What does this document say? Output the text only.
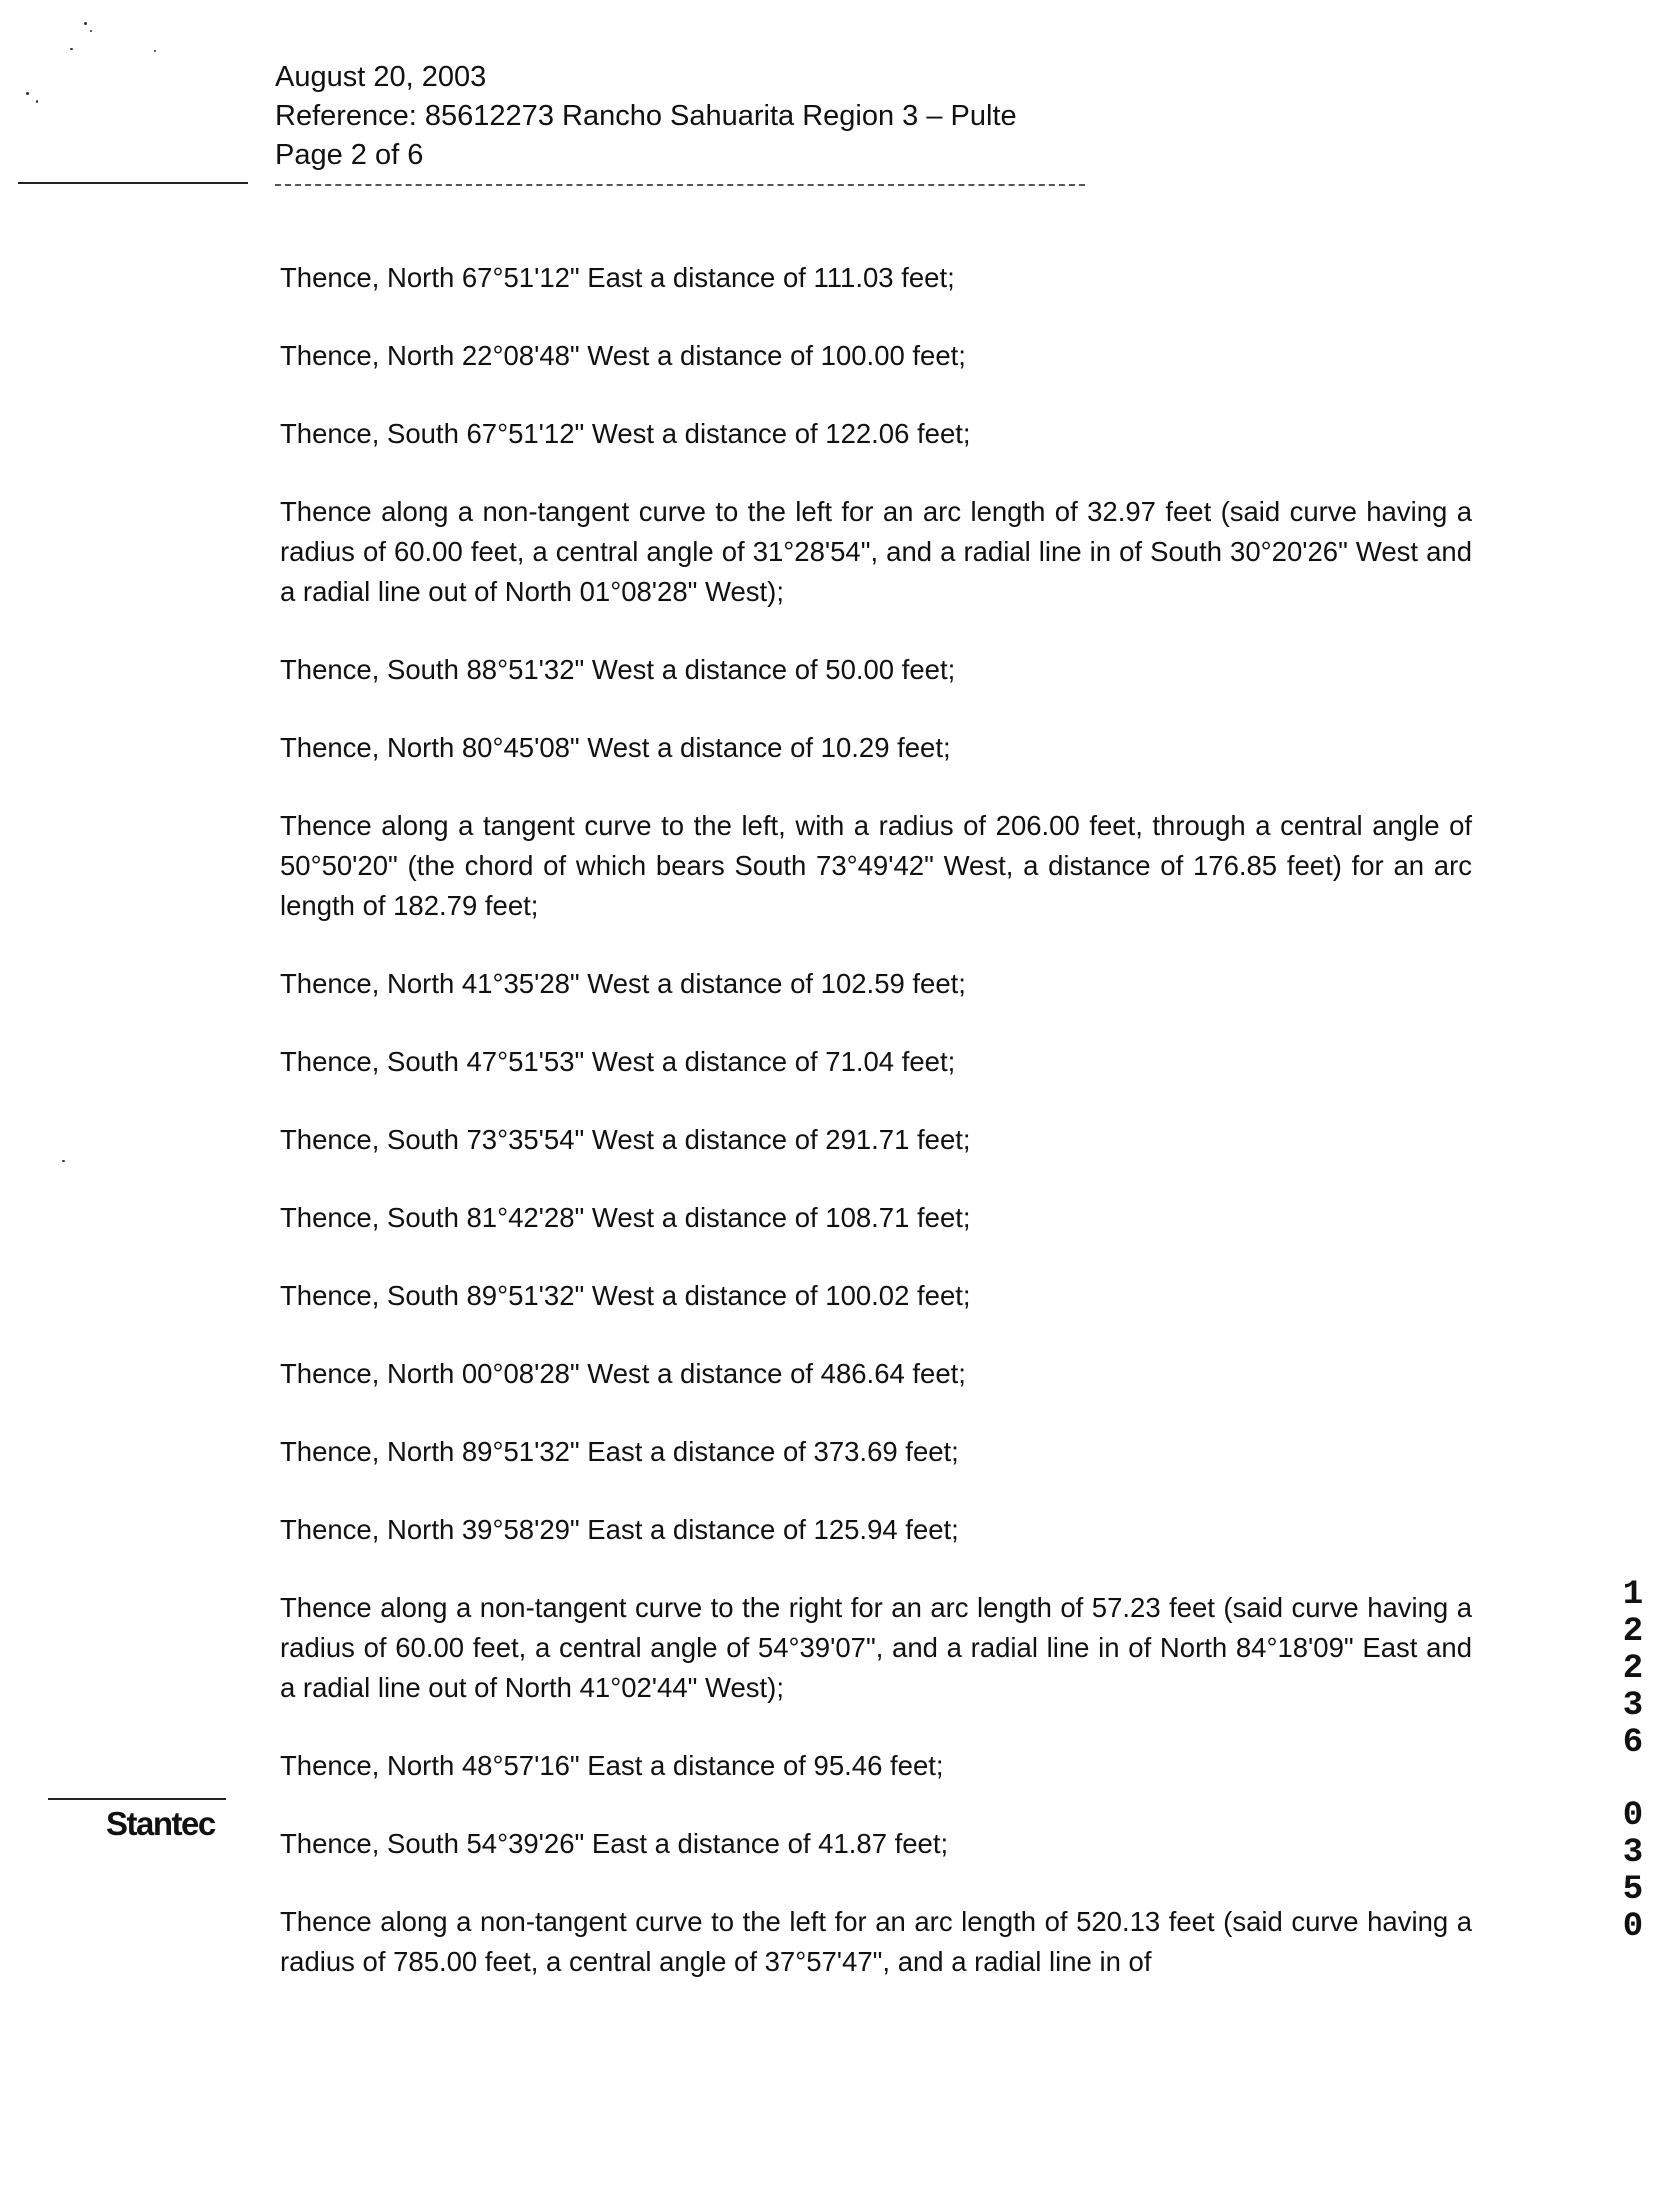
August 20, 2003
Reference: 85612273 Rancho Sahuarita Region 3 – Pulte
Page 2 of 6

Thence, North 67°51'12" East a distance of 111.03 feet;

Thence, North 22°08'48" West a distance of 100.00 feet;

Thence, South 67°51'12" West a distance of 122.06 feet;

Thence along a non-tangent curve to the left for an arc length of 32.97 feet (said curve having a radius of 60.00 feet, a central angle of 31°28'54", and a radial line in of South 30°20'26" West and a radial line out of North 01°08'28" West);

Thence, South 88°51'32" West a distance of 50.00 feet;

Thence, North 80°45'08" West a distance of 10.29 feet;

Thence along a tangent curve to the left, with a radius of 206.00 feet, through a central angle of 50°50'20" (the chord of which bears South 73°49'42" West, a distance of 176.85 feet) for an arc length of 182.79 feet;

Thence, North 41°35'28" West a distance of 102.59 feet;

Thence, South 47°51'53" West a distance of 71.04 feet;

Thence, South 73°35'54" West a distance of 291.71 feet;

Thence, South 81°42'28" West a distance of 108.71 feet;

Thence, South 89°51'32" West a distance of 100.02 feet;

Thence, North 00°08'28" West a distance of 486.64 feet;

Thence, North 89°51'32" East a distance of 373.69 feet;

Thence, North 39°58'29" East a distance of 125.94 feet;

Thence along a non-tangent curve to the right for an arc length of 57.23 feet (said curve having a radius of 60.00 feet, a central angle of 54°39'07", and a radial line in of North 84°18'09" East and a radial line out of North 41°02'44" West);

Thence, North 48°57'16" East a distance of 95.46 feet;

Thence, South 54°39'26" East a distance of 41.87 feet;

Thence along a non-tangent curve to the left for an arc length of 520.13 feet (said curve having a radius of 785.00 feet, a central angle of 37°57'47", and a radial line in of

Stantec
1
2
2
3
6
0
3
5
0
